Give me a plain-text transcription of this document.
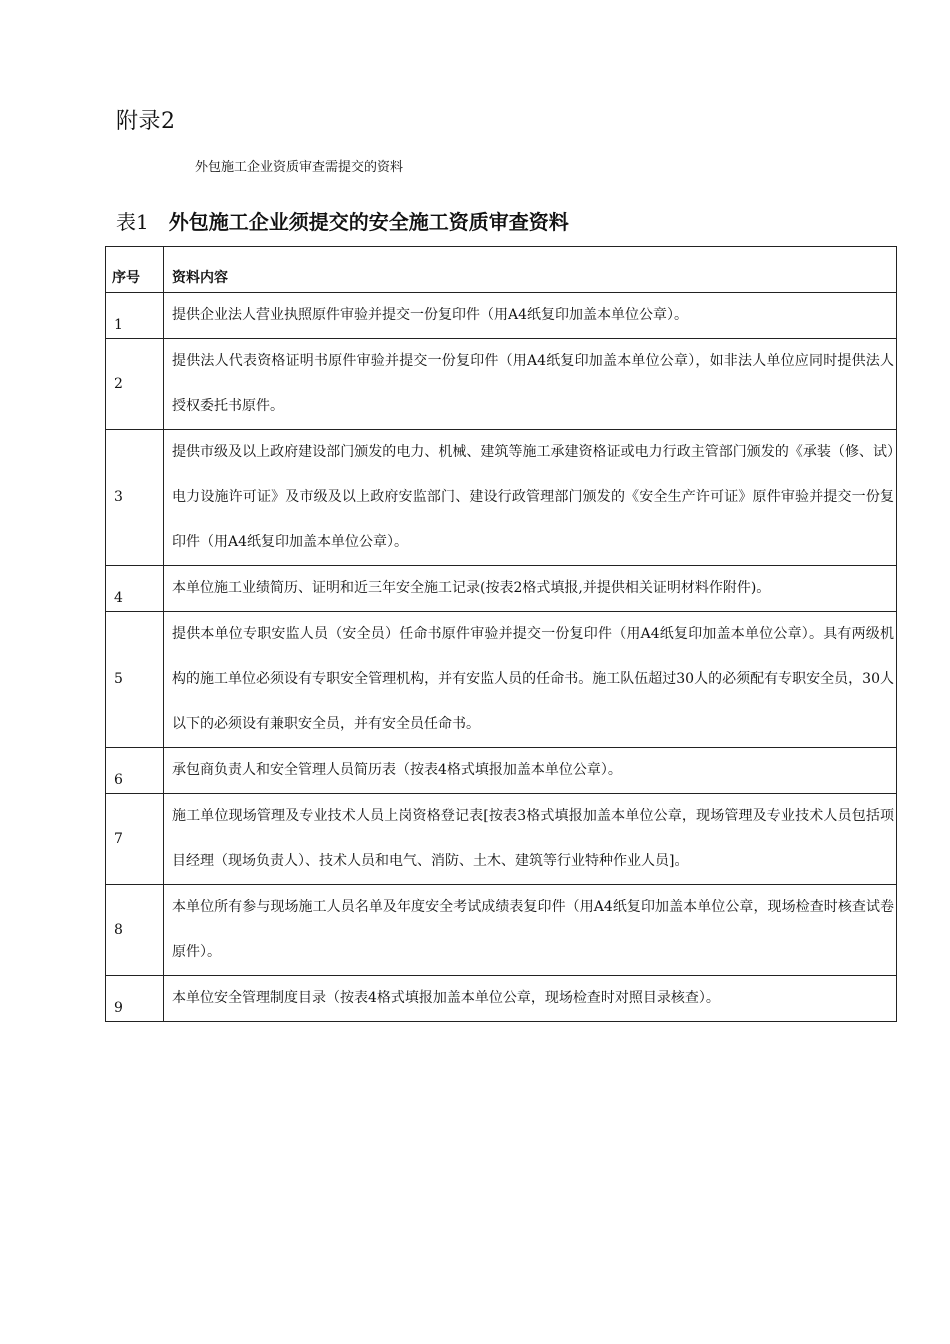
附录2
外包施工企业资质审查需提交的资料
表1 外包施工企业须提交的安全施工资质审查资料
序号	资料内容
1	提供企业法人营业执照原件审验并提交一份复印件（用A4纸复印加盖本单位公章）。
2	提供法人代表资格证明书原件审验并提交一份复印件（用A4纸复印加盖本单位公章），如非法人单位应同时提供法人授权委托书原件。
3	提供市级及以上政府建设部门颁发的电力、机械、建筑等施工承建资格证或电力行政主管部门颁发的《承装（修、试）电力设施许可证》及市级及以上政府安监部门、建设行政管理部门颁发的《安全生产许可证》原件审验并提交一份复印件（用A4纸复印加盖本单位公章）。
4	本单位施工业绩简历、证明和近三年安全施工记录(按表2格式填报,并提供相关证明材料作附件)。
5	提供本单位专职安监人员（安全员）任命书原件审验并提交一份复印件（用A4纸复印加盖本单位公章）。具有两级机构的施工单位必须设有专职安全管理机构，并有安监人员的任命书。施工队伍超过30人的必须配有专职安全员，30人以下的必须设有兼职安全员，并有安全员任命书。
6	承包商负责人和安全管理人员简历表（按表4格式填报加盖本单位公章）。
7	施工单位现场管理及专业技术人员上岗资格登记表[按表3格式填报加盖本单位公章，现场管理及专业技术人员包括项目经理（现场负责人）、技术人员和电气、消防、土木、建筑等行业特种作业人员]。
8	本单位所有参与现场施工人员名单及年度安全考试成绩表复印件（用A4纸复印加盖本单位公章，现场检查时核查试卷原件）。
9	本单位安全管理制度目录（按表4格式填报加盖本单位公章，现场检查时对照目录核查）。
